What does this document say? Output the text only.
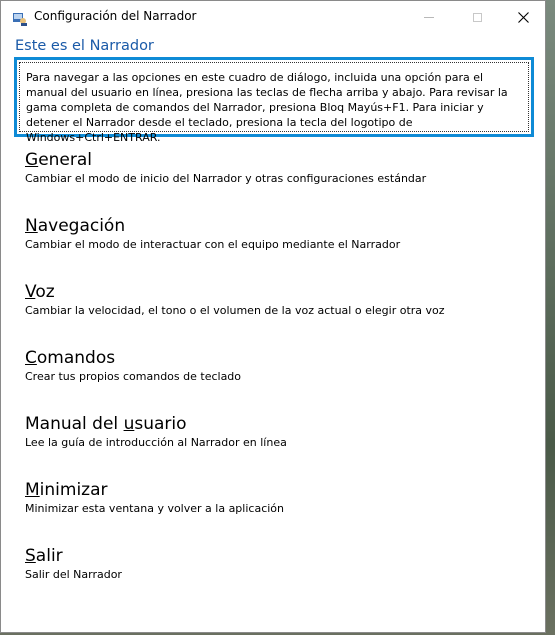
Configuración del Narrador
Este es el Narrador

Para navegar a las opciones en este cuadro de diálogo, incluida una opción para el manual del usuario en línea, presiona las teclas de flecha arriba y abajo. Para revisar la gama completa de comandos del Narrador, presiona Bloq Mayús+F1. Para iniciar y detener el Narrador desde el teclado, presiona la tecla del logotipo de Windows+Ctrl+ENTRAR.

General
Cambiar el modo de inicio del Narrador y otras configuraciones estándar
Navegación
Cambiar el modo de interactuar con el equipo mediante el Narrador
Voz
Cambiar la velocidad, el tono o el volumen de la voz actual o elegir otra voz
Comandos
Crear tus propios comandos de teclado
Manual del usuario
Lee la guía de introducción al Narrador en línea
Minimizar
Minimizar esta ventana y volver a la aplicación
Salir
Salir del Narrador
